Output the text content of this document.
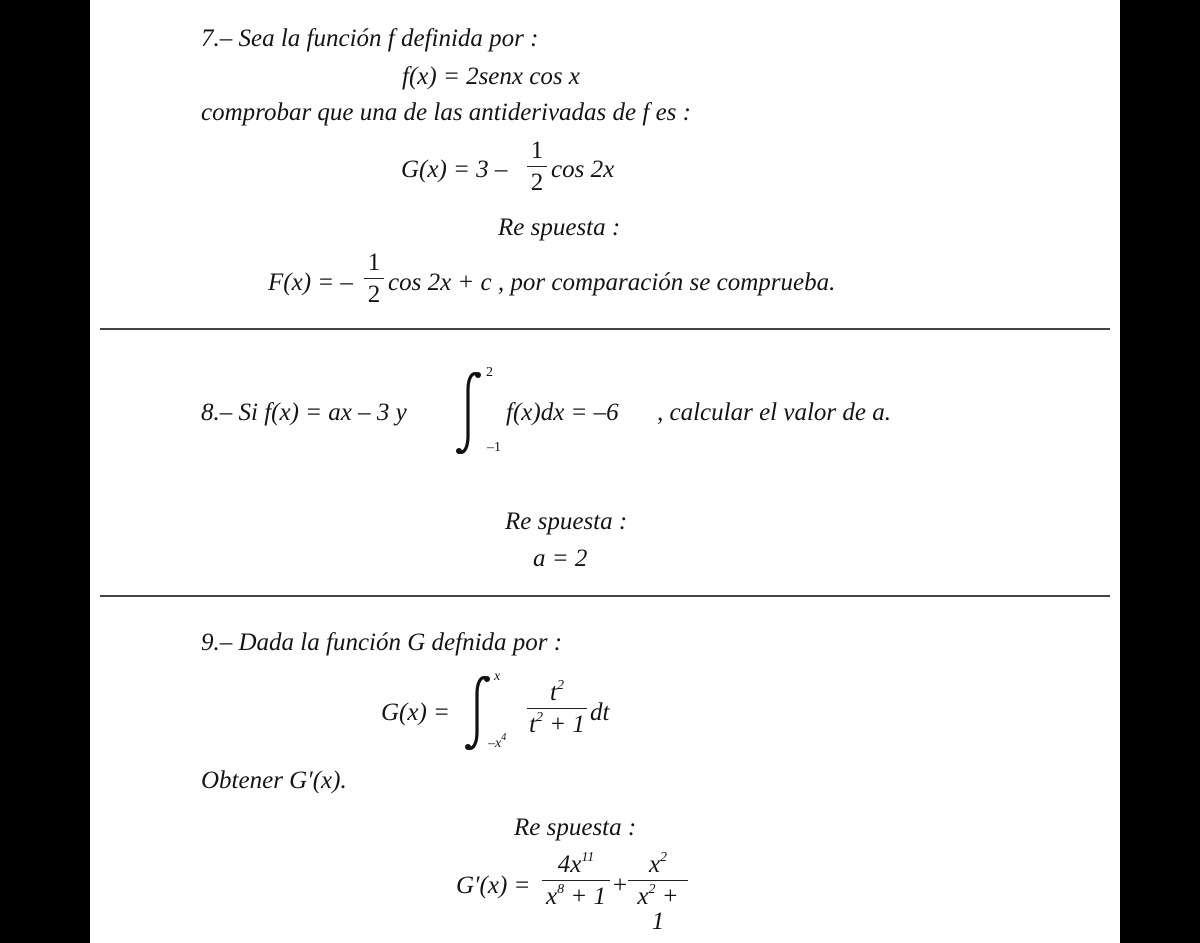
7.– Sea la función f definida por :
f(x) = 2senx cos x
comprobar que una de las antiderivadas de f es :
G(x) = 3 –
1
2 cos 2x
Re spuesta :
F(x) = –
1
2 cos 2x + c , por comparación se comprueba.
8.– Si f(x) = ax – 3 y
2
–1
f(x)dx = –6 , calcular el valor de a.
Re spuesta :
a = 2
9.– Dada la función G defnida por :
G(x) =
x
$-x^4$
$t^2$
$t^2 + 1$ dt
Obtener G′(x).
Re spuesta :
G′(x) =
$4x^{11}$
$x^8 + 1$ +
$x^2$
$x^2 + 1$
